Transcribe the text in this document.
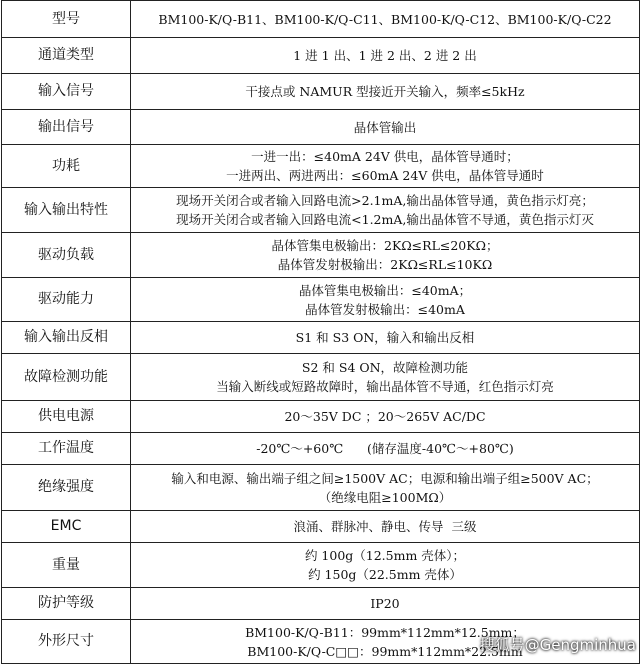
型号	BM100-K/Q-B11、BM100-K/Q-C11、BM100-K/Q-C12、BM100-K/Q-C22

通道类型	1 进 1 出、1 进 2 出、2 进 2 出

输入信号	干接点或 NAMUR 型接近开关输入，频率≤5kHz

输出信号	晶体管输出

功耗	一进一出：≤40mA 24V 供电，晶体管导通时；
一进两出、两进两出：≤60mA 24V 供电，晶体管导通时

输入输出特性	现场开关闭合或者输入回路电流>2.1mA,输出晶体管导通，黄色指示灯亮；
现场开关闭合或者输入回路电流<1.2mA,输出晶体管不导通，黄色指示灯灭

驱动负载	晶体管集电极输出：2KΩ≤RL≤20KΩ；
晶体管发射极输出：2KΩ≤RL≤10KΩ

驱动能力	晶体管集电极输出：≤40mA；
晶体管发射极输出：≤40mA

输入输出反相	S1 和 S3 ON，输入和输出反相

故障检测功能	S2 和 S4 ON，故障检测功能
当输入断线或短路故障时，输出晶体管不导通，红色指示灯亮

供电电源	20～35V DC ；20～265V AC/DC

工作温度	-20℃～+60℃      (储存温度-40℃～+80℃)

绝缘强度	输入和电源、输出端子组之间≥1500V AC；电源和输出端子组≥500V AC；
（绝缘电阻≥100MΩ）

EMC	浪涌、群脉冲、静电、传导  三级

重量	约 100g（12.5mm 壳体）；
约 150g（22.5mm 壳体）

防护等级	IP20

外形尺寸	BM100-K/Q-B11：99mm*112mm*12.5mm；
BM100-K/Q-C□□：99mm*112mm*22.5mm
搜狐号@Gengminhua
